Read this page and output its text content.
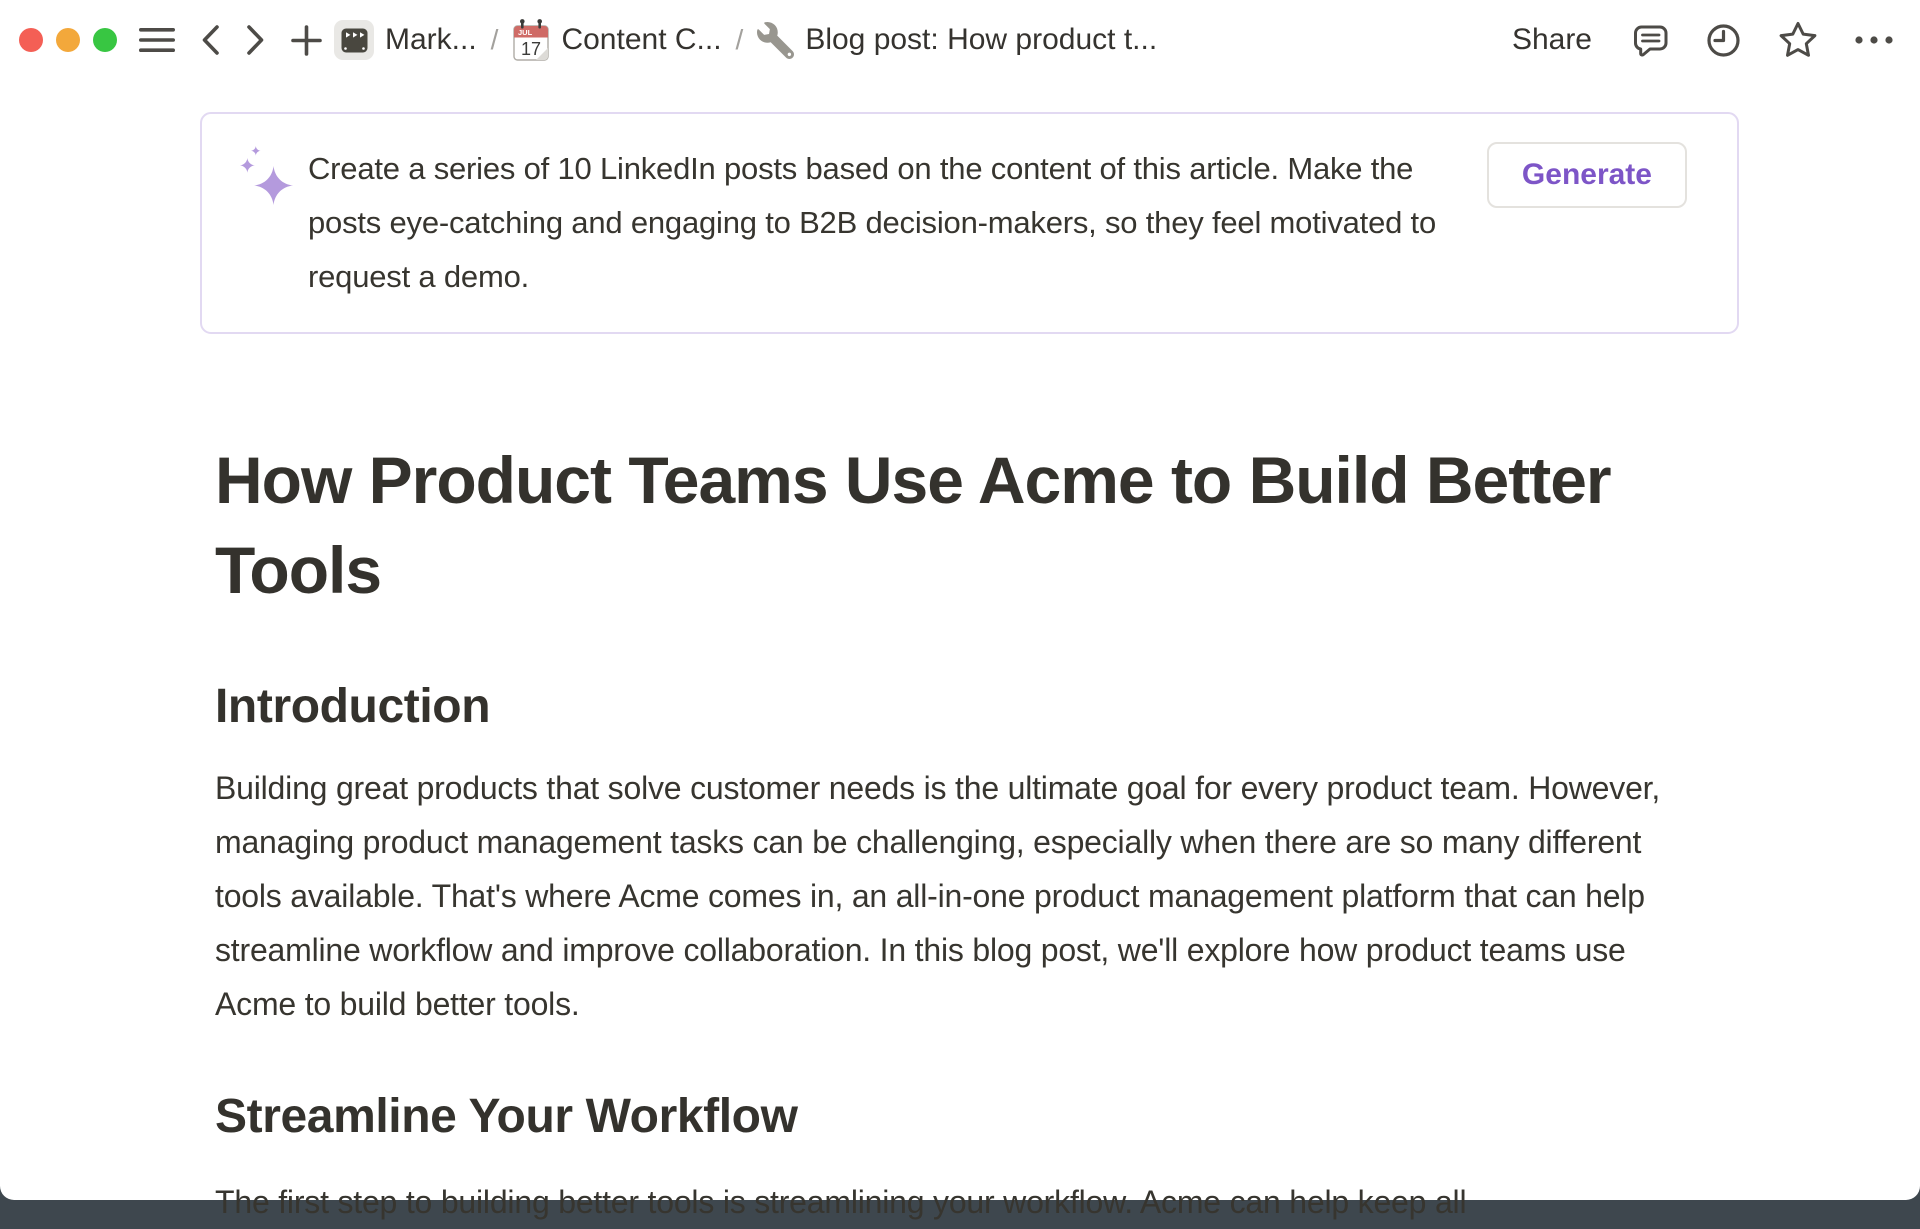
Mark... /	JUL
17 Content C... / Blog post: How product t...	Share
Create a series of 10 LinkedIn posts based on the content of this article. Make the posts eye-catching and engaging to B2B decision-makers, so they feel motivated to request a demo.
Generate
How Product Teams Use Acme to Build Better Tools
Introduction

Building great products that solve customer needs is the ultimate goal for every product team. However, managing product management tasks can be challenging, especially when there are so many different tools available. That's where Acme comes in, an all-in-one product management platform that can help streamline workflow and improve collaboration. In this blog post, we'll explore how product teams use Acme to build better tools.

Streamline Your Workflow

The first step to building better tools is streamlining your workflow. Acme can help keep all
